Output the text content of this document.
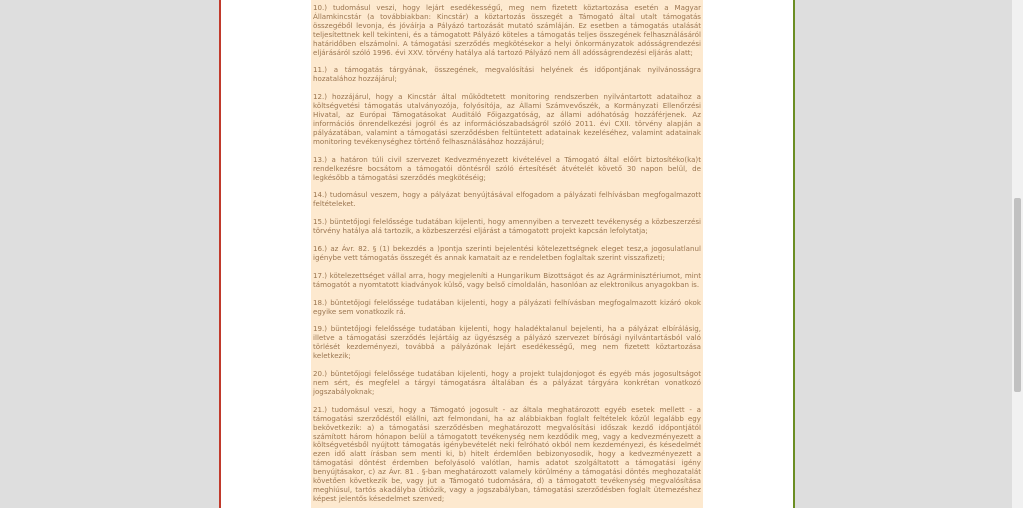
10.) tudomásul veszi, hogy lejárt esedékességű, meg nem fizetett köztartozása esetén a Magyar Államkincstár (a továbbiakban: Kincstár) a köztartozás összegét a Támogató által utalt támogatás összegéből levonja, és jóváírja a Pályázó tartozását mutató számláján. Ez esetben a támogatás utalását teljesítettnek kell tekinteni, és a támogatott Pályázó köteles a támogatás teljes összegének felhasználásáról határidőben elszámolni. A támogatási szerződés megkötésekor a helyi önkormányzatok adósságrendezési eljárásáról szóló 1996. évi XXV. törvény hatálya alá tartozó Pályázó nem áll adósságrendezési eljárás alatt;

11.) a támogatás tárgyának, összegének, megvalósítási helyének és időpontjának nyilvánosságra hozatalához hozzájárul;

12.) hozzájárul, hogy a Kincstár által működtetett monitoring rendszerben nyilvántartott adataihoz a költségvetési támogatás utalványozója, folyósítója, az Állami Számvevőszék, a Kormányzati Ellenőrzési Hivatal, az Európai Támogatásokat Auditáló Főigazgatóság, az állami adóhatóság hozzáférjenek. Az információs önrendelkezési jogról és az információszabadságról szóló 2011. évi CXII. törvény alapján a pályázatában, valamint a támogatási szerződésben feltüntetett adatainak kezeléséhez, valamint adatainak monitoring tevékenységhez történő felhasználásához hozzájárul;

13.) a határon túli civil szervezet Kedvezményezett kivételével a Támogató által előírt biztosítéko(ka)t rendelkezésre bocsátom a támogatói döntésről szóló értesítését átvételét követő 30 napon belül, de legkésőbb a támogatási szerződés megkötéséig;

14.) tudomásul veszem, hogy a pályázat benyújtásával elfogadom a pályázati felhívásban megfogalmazott feltételeket.

15.) büntetőjogi felelőssége tudatában kijelenti, hogy amennyiben a tervezett tevékenység a közbeszerzési törvény hatálya alá tartozik, a közbeszerzési eljárást a támogatott projekt kapcsán lefolytatja;

16.) az Ávr. 82. § (1) bekezdés a )pontja szerinti bejelentési kötelezettségnek eleget tesz,a jogosulatlanul igénybe vett támogatás összegét és annak kamatait az e rendeletben foglaltak szerint visszafizeti;

17.) kötelezettséget vállal arra, hogy megjeleníti a Hungarikum Bizottságot és az Agrárminisztériumot, mint támogatót a nyomtatott kiadványok külső, vagy belső címoldalán, hasonlóan az elektronikus anyagokban is.

18.) büntetőjogi felelőssége tudatában kijelenti, hogy a pályázati felhívásban megfogalmazott kizáró okok egyike sem vonatkozik rá.

19.) büntetőjogi felelőssége tudatában kijelenti, hogy haladéktalanul bejelenti, ha a pályázat elbírálásig, illetve a támogatási szerződés lejártáig az ügyészség a pályázó szervezet bírósági nyilvántartásból való törlését kezdeményezi, továbbá a pályázónak lejárt esedékességű, meg nem fizetett köztartozása keletkezik;

20.) büntetőjogi felelőssége tudatában kijelenti, hogy a projekt tulajdonjogot és egyéb más jogosultságot nem sért, és megfelel a tárgyi támogatásra általában és a pályázat tárgyára konkrétan vonatkozó jogszabályoknak;

21.) tudomásul veszi, hogy a Támogató jogosult - az általa meghatározott egyéb esetek mellett - a támogatási szerződéstől elállni, azt felmondani, ha az alábbiakban foglalt feltételek közül legalább egy bekövetkezik: a) a támogatási szerződésben meghatározott megvalósítási időszak kezdő időpontjától számított három hónapon belül a támogatott tevékenység nem kezdődik meg, vagy a kedvezményezett a költségvetésből nyújtott támogatás igénybevételét neki felróható okból nem kezdeményezi, és késedelmét ezen idő alatt írásban sem menti ki, b) hitelt érdemlően bebizonyosodik, hogy a kedvezményezett a támogatási döntést érdemben befolyásoló valótlan, hamis adatot szolgáltatott a támogatási igény benyújtásakor, c) az Ávr. 81 . §-ban meghatározott valamely körülmény a támogatási döntés meghozatalát követően következik be, vagy jut a Támogató tudomására, d) a támogatott tevékenység megvalósítása meghiúsul, tartós akadályba ütközik, vagy a jogszabályban, támogatási szerződésben foglalt ütemezéshez képest jelentős késedelmet szenved;
